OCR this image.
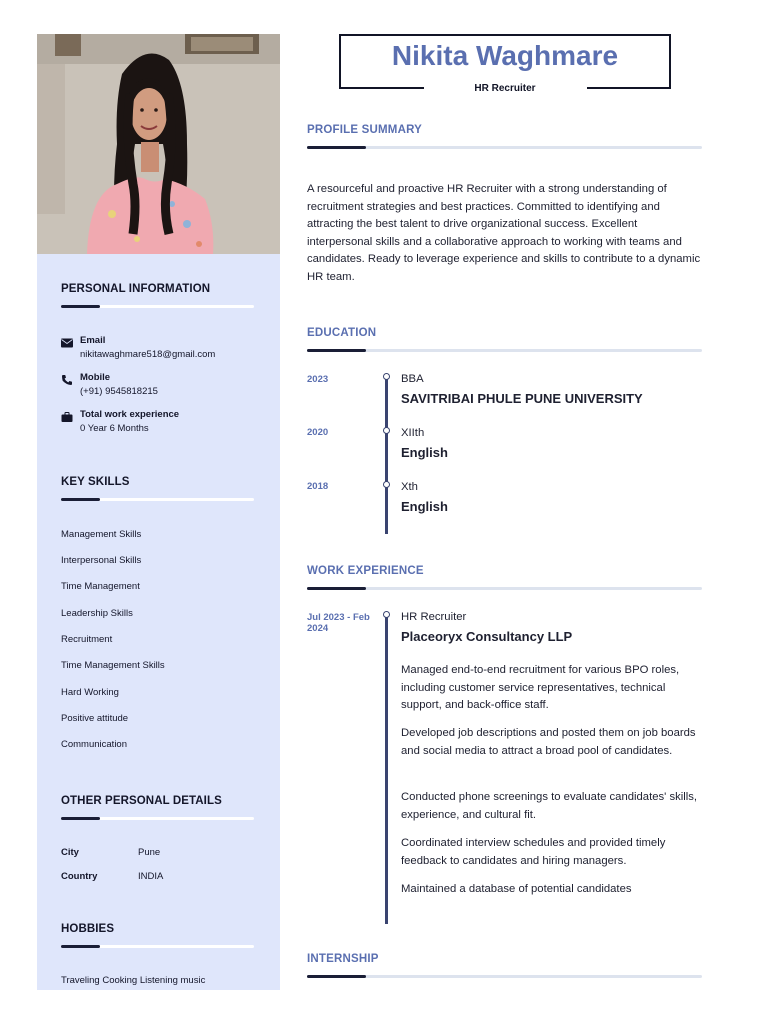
PERSONAL INFORMATION
Email
nikitawaghmare518@gmail.com
Mobile
(+91) 9545818215
Total work experience
0 Year 6 Months
KEY SKILLS
Management Skills
Interpersonal Skills
Time Management
Leadership Skills
Recruitment
Time Management Skills
Hard Working
Positive attitude
Communication
OTHER PERSONAL DETAILS
City	Pune
Country	INDIA
HOBBIES
Traveling Cooking Listening music
Nikita Waghmare
HR Recruiter
PROFILE SUMMARY
A resourceful and proactive HR Recruiter with a strong understanding of recruitment strategies and best practices. Committed to identifying and attracting the best talent to drive organizational success. Excellent interpersonal skills and a collaborative approach to working with teams and candidates. Ready to leverage experience and skills to contribute to a dynamic HR team.
EDUCATION
2023	BBA
SAVITRIBAI PHULE PUNE UNIVERSITY
2020	XIIth
English
2018	Xth
English
WORK EXPERIENCE
Jul 2023 - Feb 2024
HR Recruiter
Placeoryx Consultancy LLP
Managed end-to-end recruitment for various BPO roles, including customer service representatives, technical support, and back-office staff.
Developed job descriptions and posted them on job boards and social media to attract a broad pool of candidates.
Conducted phone screenings to evaluate candidates' skills, experience, and cultural fit.
Coordinated interview schedules and provided timely feedback to candidates and hiring managers.
Maintained a database of potential candidates
INTERNSHIP
